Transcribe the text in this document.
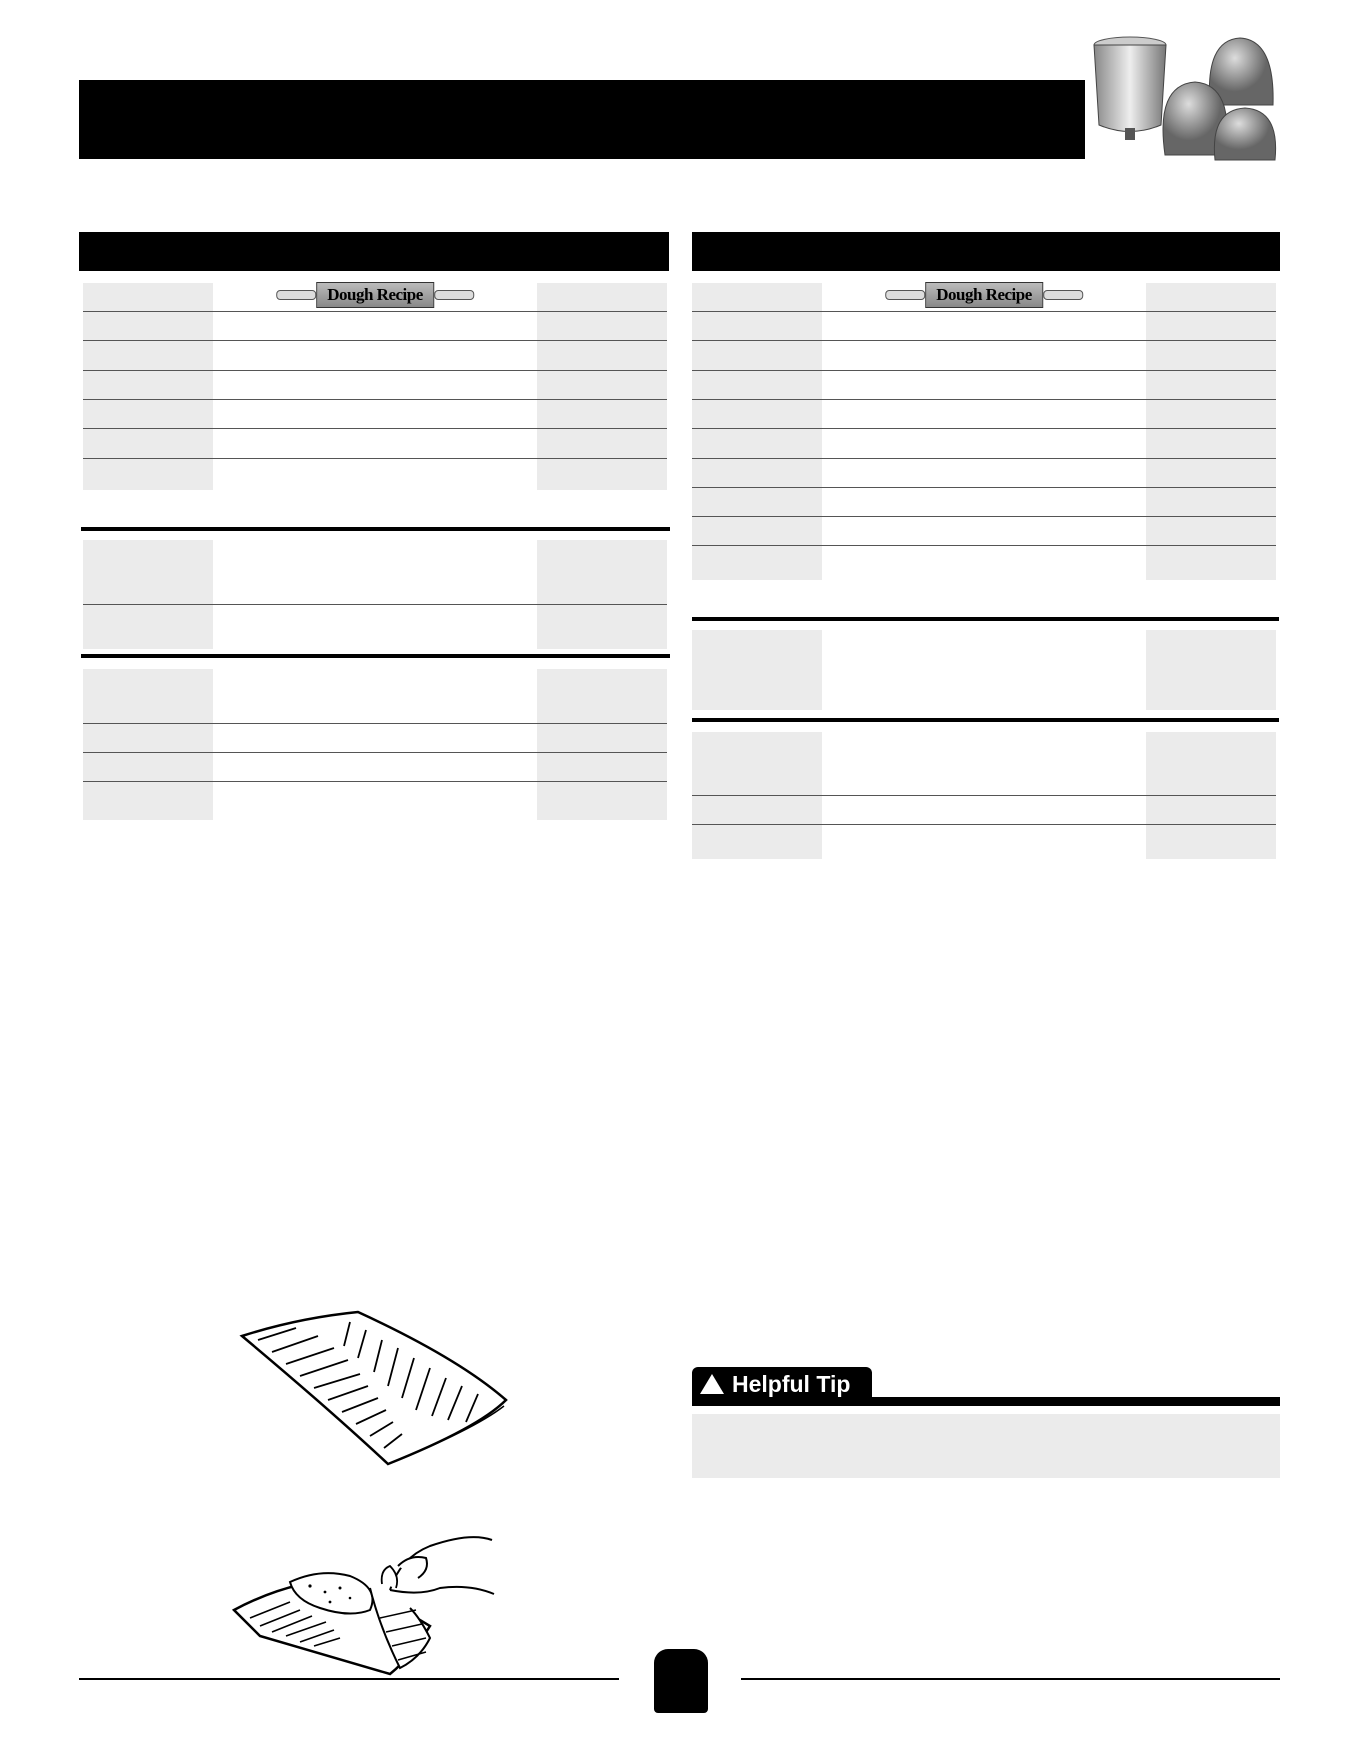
Dough Recipe	Dough Recipe
Helpful Tip
